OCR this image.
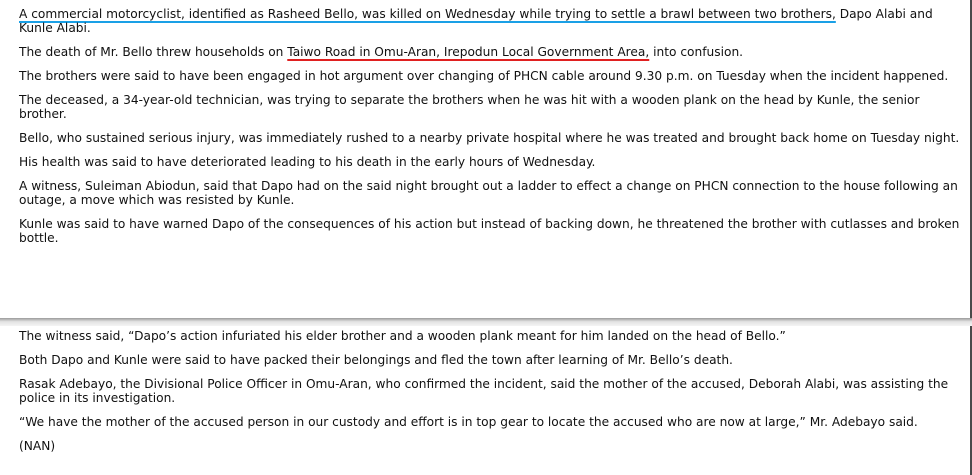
A commercial motorcyclist, identified as Rasheed Bello, was killed on Wednesday while trying to settle a brawl between two brothers, Dapo Alabi and Kunle Alabi.

The death of Mr. Bello threw households on Taiwo Road in Omu-Aran, Irepodun Local Government Area, into confusion.

The brothers were said to have been engaged in hot argument over changing of PHCN cable around 9.30 p.m. on Tuesday when the incident happened.

The deceased, a 34-year-old technician, was trying to separate the brothers when he was hit with a wooden plank on the head by Kunle, the senior brother.

Bello, who sustained serious injury, was immediately rushed to a nearby private hospital where he was treated and brought back home on Tuesday night.

His health was said to have deteriorated leading to his death in the early hours of Wednesday.

A witness, Suleiman Abiodun, said that Dapo had on the said night brought out a ladder to effect a change on PHCN connection to the house following an outage, a move which was resisted by Kunle.

Kunle was said to have warned Dapo of the consequences of his action but instead of backing down, he threatened the brother with cutlasses and broken bottle.

The witness said, “Dapo’s action infuriated his elder brother and a wooden plank meant for him landed on the head of Bello.”

Both Dapo and Kunle were said to have packed their belongings and fled the town after learning of Mr. Bello’s death.

Rasak Adebayo, the Divisional Police Officer in Omu-Aran, who confirmed the incident, said the mother of the accused, Deborah Alabi, was assisting the police in its investigation.

“We have the mother of the accused person in our custody and effort is in top gear to locate the accused who are now at large,” Mr. Adebayo said.

(NAN)
